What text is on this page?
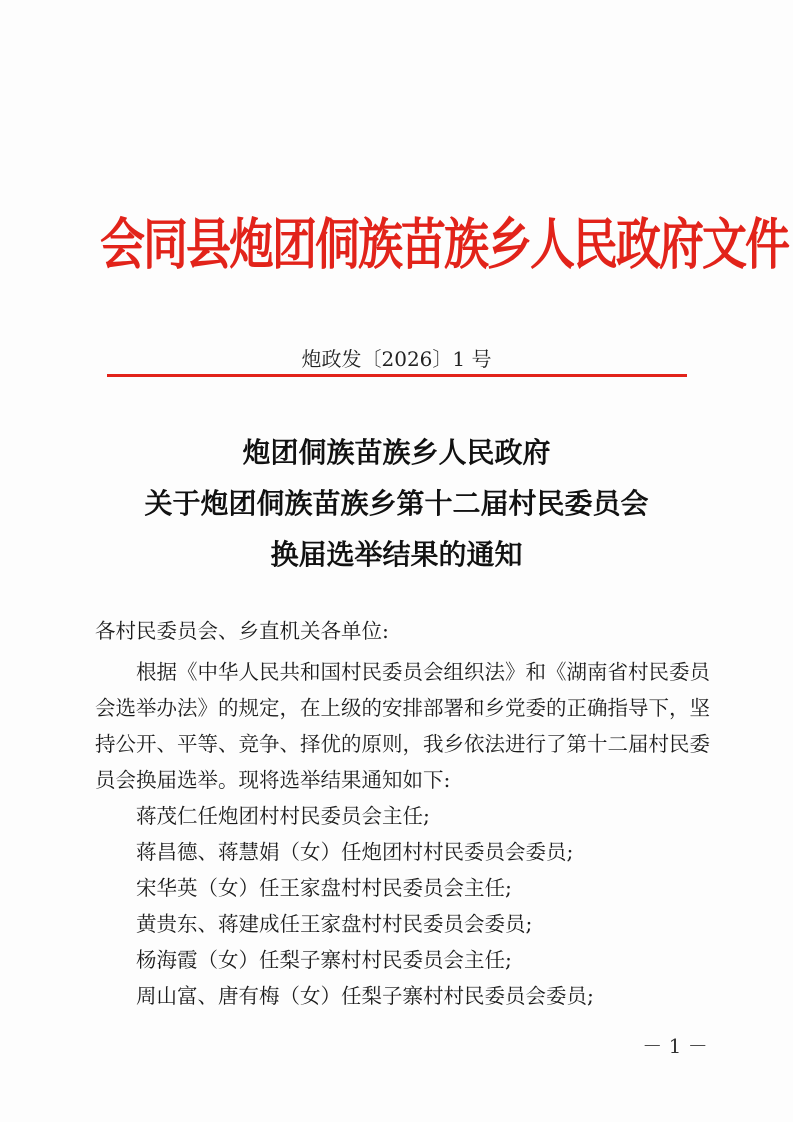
会同县炮团侗族苗族乡人民政府文件
炮政发〔2026〕1 号
炮团侗族苗族乡人民政府
关于炮团侗族苗族乡第十二届村民委员会
换届选举结果的通知
各村民委员会、乡直机关各单位:
根据《中华人民共和国村民委员会组织法》和《湖南省村民委员会选举办法》的规定，在上级的安排部署和乡党委的正确指导下，坚持公开、平等、竞争、择优的原则，我乡依法进行了第十二届村民委员会换届选举。现将选举结果通知如下:
蒋茂仁任炮团村村民委员会主任;
蒋昌德、蒋慧娟（女）任炮团村村民委员会委员;
宋华英（女）任王家盘村村民委员会主任;
黄贵东、蒋建成任王家盘村村民委员会委员;
杨海霞（女）任梨子寨村村民委员会主任;
周山富、唐有梅（女）任梨子寨村村民委员会委员;
－ 1 －
